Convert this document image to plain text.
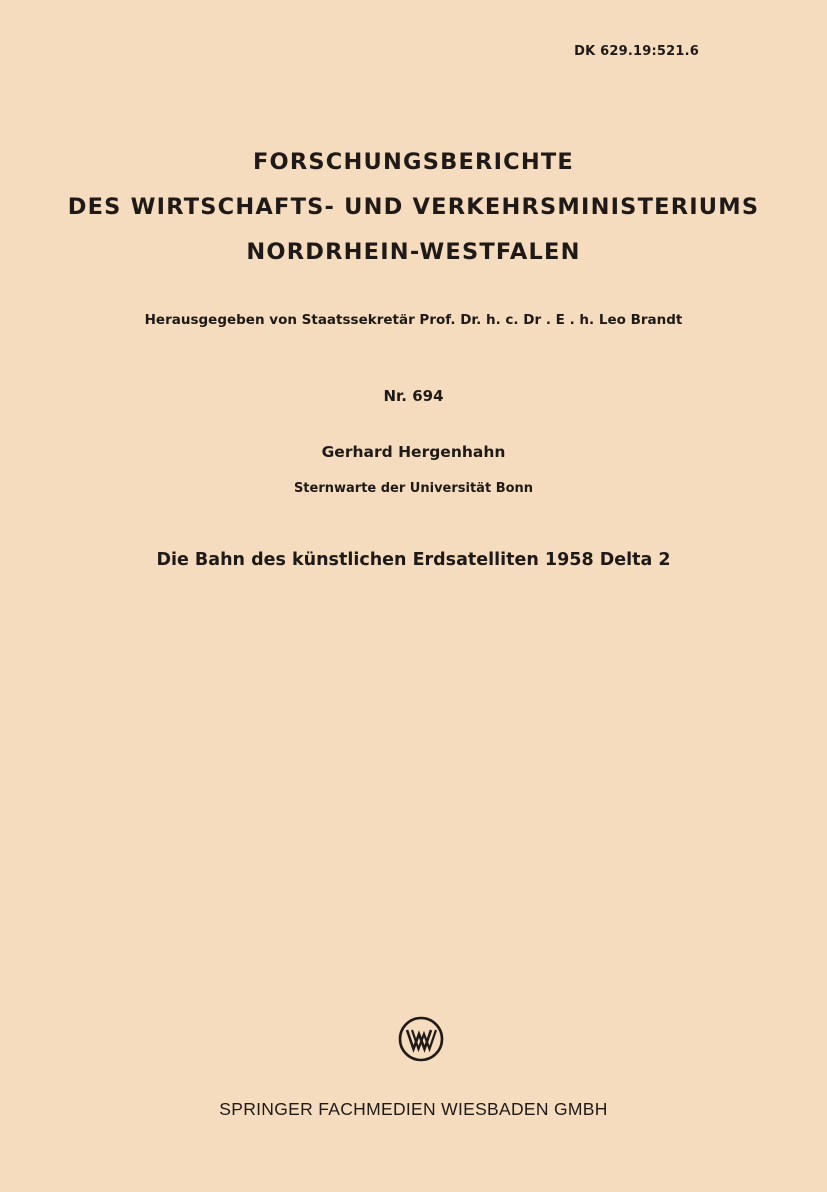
DK 629.19:521.6
FORSCHUNGSBERICHTE
DES WIRTSCHAFTS- UND VERKEHRSMINISTERIUMS
NORDRHEIN-WESTFALEN
Herausgegeben von Staatssekretär Prof. Dr. h. c. Dr . E . h. Leo Brandt
Nr. 694
Gerhard Hergenhahn
Sternwarte der Universität Bonn
Die Bahn des künstlichen Erdsatelliten 1958 Delta 2
SPRINGER FACHMEDIEN WIESBADEN GMBH
